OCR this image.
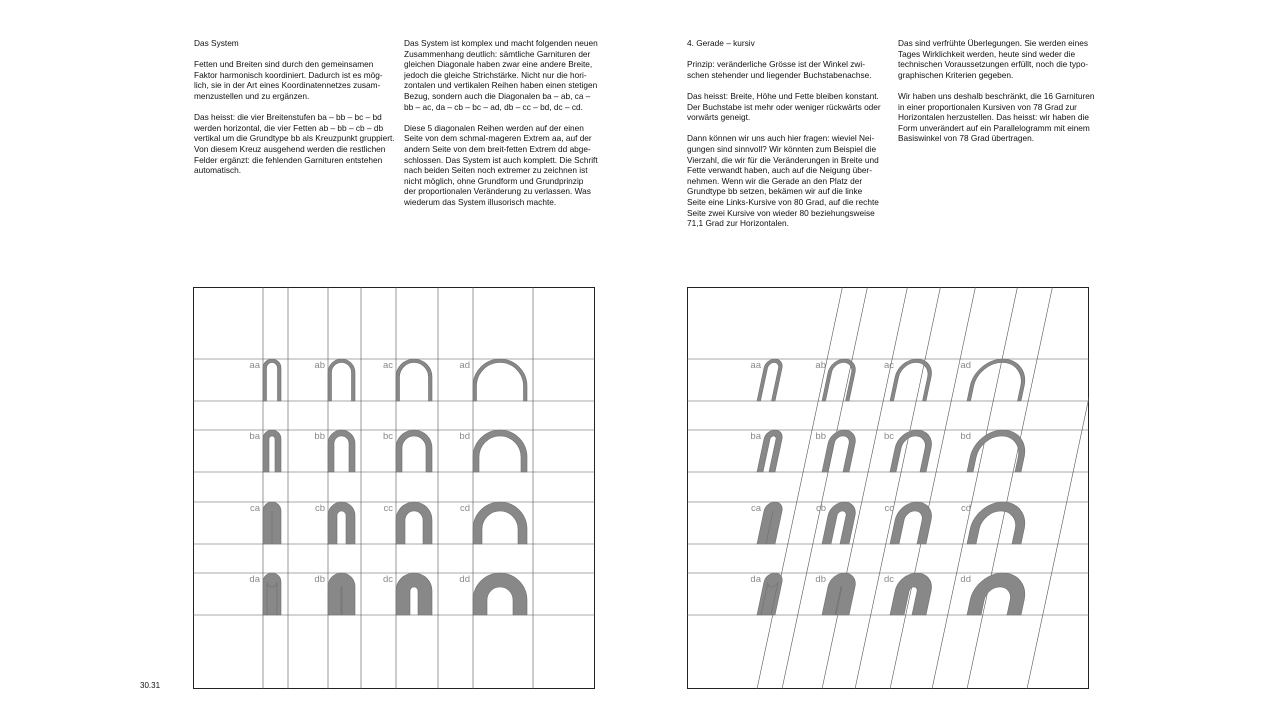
Das System

Fetten und Breiten sind durch den gemeinsamen
Faktor harmonisch koordiniert. Dadurch ist es mög-
lich, sie in der Art eines Koordinatennetzes zusam-
menzustellen und zu ergänzen.

Das heisst: die vier Breitenstufen ba – bb – bc – bd
werden horizontal, die vier Fetten ab – bb – cb – db
vertikal um die Grundtype bb als Kreuzpunkt gruppiert.
Von diesem Kreuz ausgehend werden die restlichen
Felder ergänzt: die fehlenden Garnituren entstehen
automatisch.

Das System ist komplex und macht folgenden neuen
Zusammenhang deutlich: sämtliche Garnituren der
gleichen Diagonale haben zwar eine andere Breite,
jedoch die gleiche Strichstärke. Nicht nur die hori-
zontalen und vertikalen Reihen haben einen stetigen
Bezug, sondern auch die Diagonalen ba – ab, ca –
bb – ac, da – cb – bc – ad, db – cc – bd, dc – cd.

Diese 5 diagonalen Reihen werden auf der einen
Seite von dem schmal-mageren Extrem aa, auf der
andern Seite von dem breit-fetten Extrem dd abge-
schlossen. Das System ist auch komplett. Die Schrift
nach beiden Seiten noch extremer zu zeichnen ist
nicht möglich, ohne Grundform und Grundprinzip
der proportionalen Veränderung zu verlassen. Was
wiederum das System illusorisch machte.

4. Gerade – kursiv

Prinzip: veränderliche Grösse ist der Winkel zwi-
schen stehender und liegender Buchstabenachse.

Das heisst: Breite, Höhe und Fette bleiben konstant.
Der Buchstabe ist mehr oder weniger rückwärts oder
vorwärts geneigt.

Dann können wir uns auch hier fragen: wieviel Nei-
gungen sind sinnvoll? Wir könnten zum Beispiel die
Vierzahl, die wir für die Veränderungen in Breite und
Fette verwandt haben, auch auf die Neigung über-
nehmen. Wenn wir die Gerade an den Platz der
Grundtype bb setzen, bekämen wir auf die linke
Seite eine Links-Kursive von 80 Grad, auf die rechte
Seite zwei Kursive von wieder 80 beziehungsweise
71,1 Grad zur Horizontalen.

Das sind verfrühte Überlegungen. Sie werden eines
Tages Wirklichkeit werden, heute sind weder die
technischen Voraussetzungen erfüllt, noch die typo-
graphischen Kriterien gegeben.

Wir haben uns deshalb beschränkt, die 16 Garnituren
in einer proportionalen Kursiven von 78 Grad zur
Horizontalen herzustellen. Das heisst: wir haben die
Form unverändert auf ein Parallelogramm mit einem
Basiswinkel von 78 Grad übertragen.

aa	ab	ac	ad
ba	bb	bc	bd
ca	cb	cc	cd
da	db	dc	dd
aa	ab	ac	ad
ba	bb	bc	bd
ca	cb	cc	cd
da	db	dc	dd
30.31
